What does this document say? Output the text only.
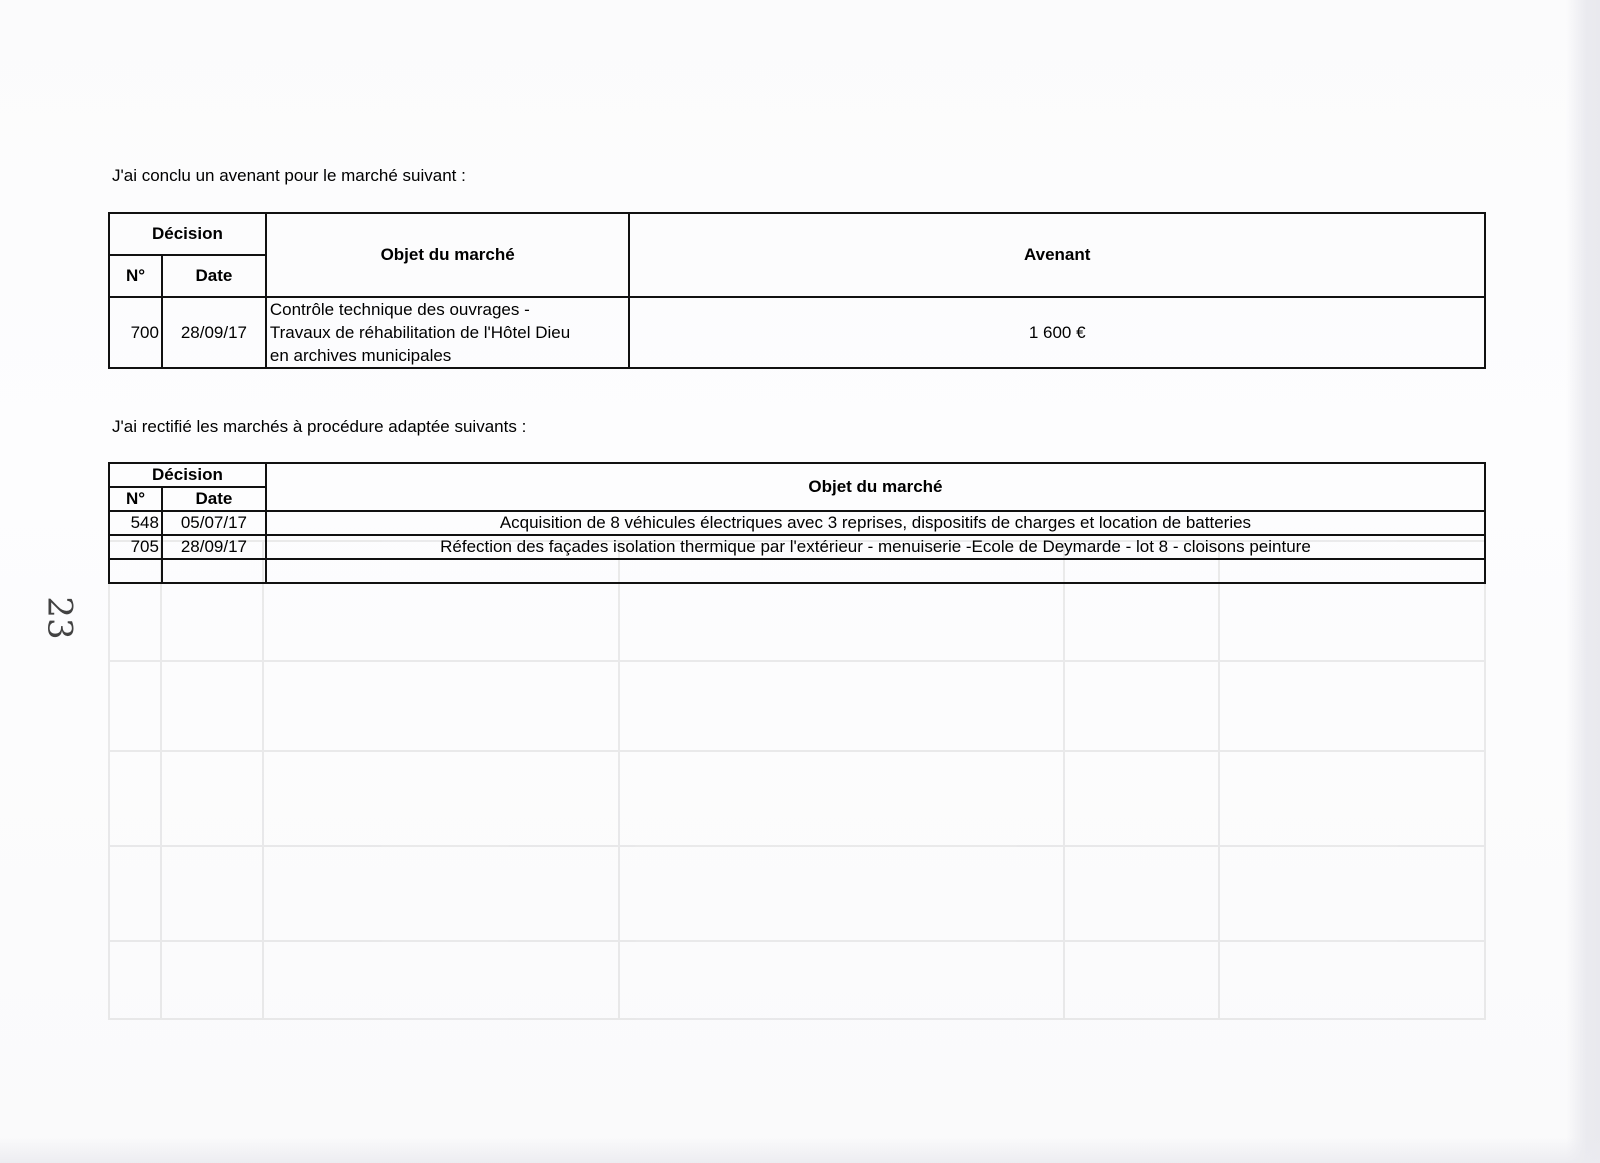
23
J'ai conclu un avenant pour le marché suivant :
Décision		Objet du marché	Avenant
N°	Date		
700	28/09/17	Contrôle technique des ouvrages -
Travaux de réhabilitation de l'Hôtel Dieu
en archives municipales	1 600 €
J'ai rectifié les marchés à procédure adaptée suivants :
Décision		Objet du marché
N°	Date	
548	05/07/17	Acquisition de 8 véhicules électriques avec 3 reprises, dispositifs de charges et location de batteries
705	28/09/17	Réfection des façades isolation thermique par l'extérieur - menuiserie -Ecole de Deymarde - lot 8 - cloisons peinture
